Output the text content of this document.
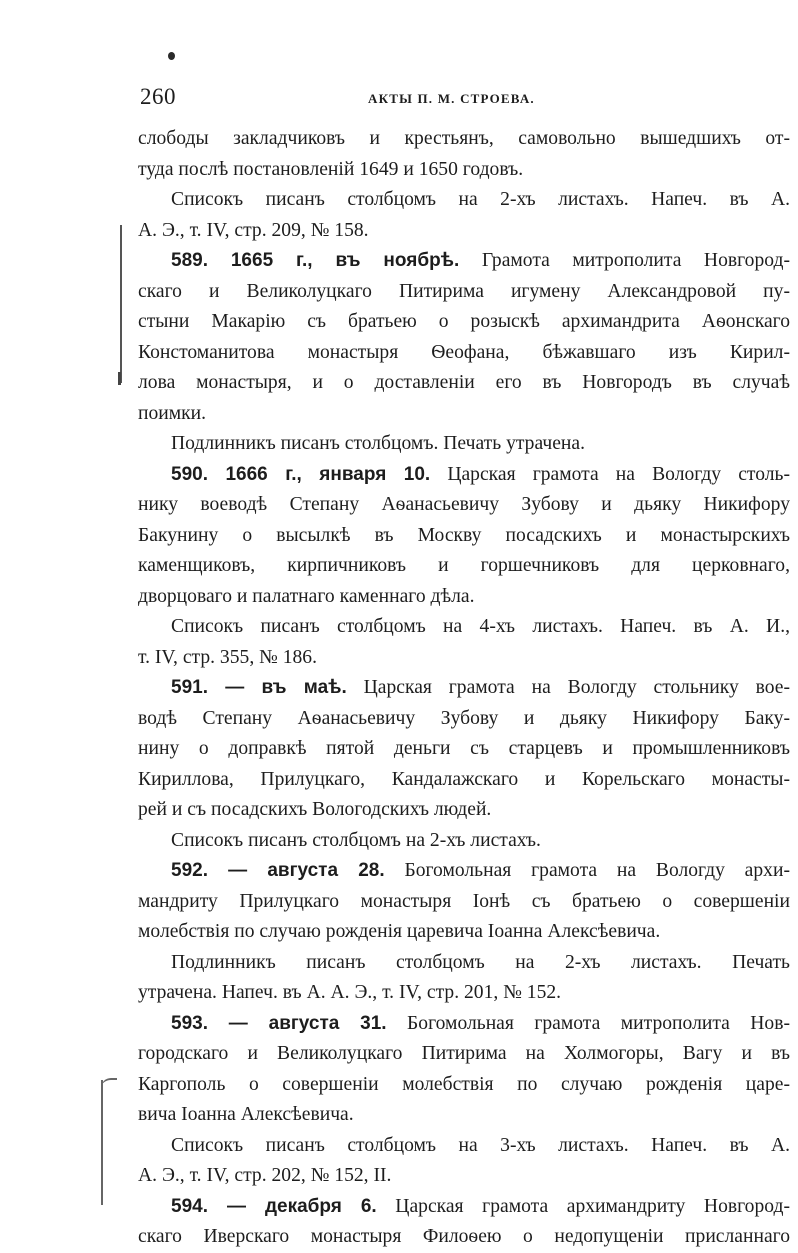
260	АКТЫ П. М. СТРОЕВА.
слободы закладчиковъ и крестьянъ, самовольно вышедшихъ от-
туда послѣ постановленій 1649 и 1650 годовъ.
Списокъ писанъ столбцомъ на 2-хъ листахъ. Напеч. въ А.
А. Э., т. IV, стр. 209, № 158.
589. 1665 г., въ ноябрѣ. Грамота митрополита Новгород-
скаго и Великолуцкаго Питирима игумену Александровой пу-
стыни Макарію съ братьею о розыскѣ архимандрита Аѳонскаго
Констоманитова монастыря Ѳеофана, бѣжавшаго изъ Кирил-
лова монастыря, и о доставленіи его въ Новгородъ въ случаѣ
поимки.
Подлинникъ писанъ столбцомъ. Печать утрачена.
590. 1666 г., января 10. Царская грамота на Вологду столь-
нику воеводѣ Степану Аѳанасьевичу Зубову и дьяку Никифору
Бакунину о высылкѣ въ Москву посадскихъ и монастырскихъ
каменщиковъ, кирпичниковъ и горшечниковъ для церковнаго,
дворцоваго и палатнаго каменнаго дѣла.
Списокъ писанъ столбцомъ на 4-хъ листахъ. Напеч. въ А. И.,
т. IV, стр. 355, № 186.
591. — въ маѣ. Царская грамота на Вологду стольнику вое-
водѣ Степану Аѳанасьевичу Зубову и дьяку Никифору Баку-
нину о доправкѣ пятой деньги съ старцевъ и промышленниковъ
Кириллова, Прилуцкаго, Кандалажскаго и Корельскаго монасты-
рей и съ посадскихъ Вологодскихъ людей.
Списокъ писанъ столбцомъ на 2-хъ листахъ.
592. — августа 28. Богомольная грамота на Вологду архи-
мандриту Прилуцкаго монастыря Іонѣ съ братьею о совершеніи
молебствія по случаю рожденія царевича Іоанна Алексѣевича.
Подлинникъ писанъ столбцомъ на 2-хъ листахъ. Печать
утрачена. Напеч. въ А. А. Э., т. IV, стр. 201, № 152.
593. — августа 31. Богомольная грамота митрополита Нов-
городскаго и Великолуцкаго Питирима на Холмогоры, Вагу и въ
Каргополь о совершеніи молебствія по случаю рожденія царе-
вича Іоанна Алексѣевича.
Списокъ писанъ столбцомъ на 3-хъ листахъ. Напеч. въ А.
А. Э., т. IV, стр. 202, № 152, II.
594. — декабря 6. Царская грамота архимандриту Новгород-
скаго Иверскаго монастыря Филоѳею о недопущеніи присланнаго
